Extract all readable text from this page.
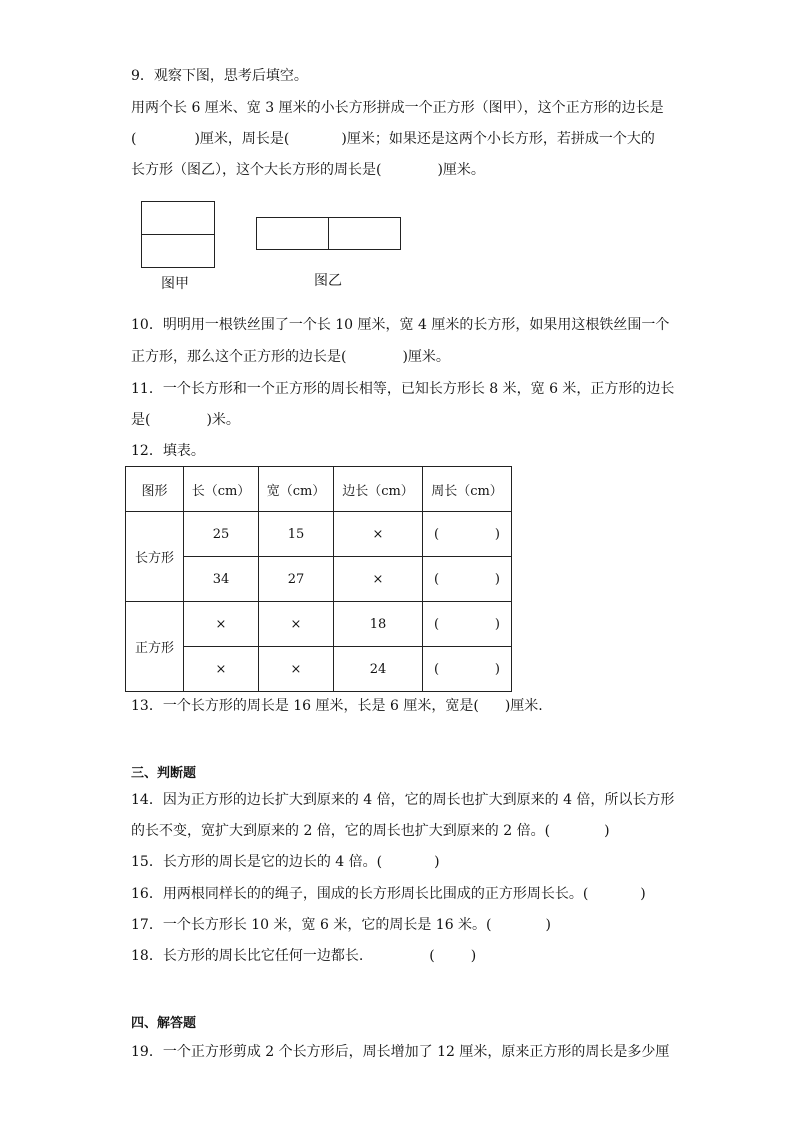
9．观察下图，思考后填空。
用两个长 6 厘米、宽 3 厘米的小长方形拼成一个正方形（图甲），这个正方形的边长是
(	)厘米，周长是(	)厘米；如果还是这两个小长方形，若拼成一个大的
长方形（图乙），这个大长方形的周长是(	)厘米。
图甲	图乙
10．明明用一根铁丝围了一个长 10 厘米，宽 4 厘米的长方形，如果用这根铁丝围一个
正方形，那么这个正方形的边长是(	)厘米。
11．一个长方形和一个正方形的周长相等，已知长方形长 8 米，宽 6 米，正方形的边长
是(	)米。
12．填表。
图形	长（cm）	宽（cm）	边长（cm）	周长（cm）
长方形	25	15	×	( )

	34	27	×	( )

正方形	×	×	18	( )

	×	×	24	( )
13．一个长方形的周长是 16 厘米，长是 6 厘米，宽是( )厘米.
三、判断题
14．因为正方形的边长扩大到原来的 4 倍，它的周长也扩大到原来的 4 倍，所以长方形
的长不变，宽扩大到原来的 2 倍，它的周长也扩大到原来的 2 倍。(	)
15．长方形的周长是它的边长的 4 倍。(	)
16．用两根同样长的的绳子，围成的长方形周长比围成的正方形周长长。(	)
17．一个长方形长 10 米，宽 6 米，它的周长是 16 米。(	)
18．长方形的周长比它任何一边都长.	(	)
四、解答题
19．一个正方形剪成 2 个长方形后，周长增加了 12 厘米，原来正方形的周长是多少厘
